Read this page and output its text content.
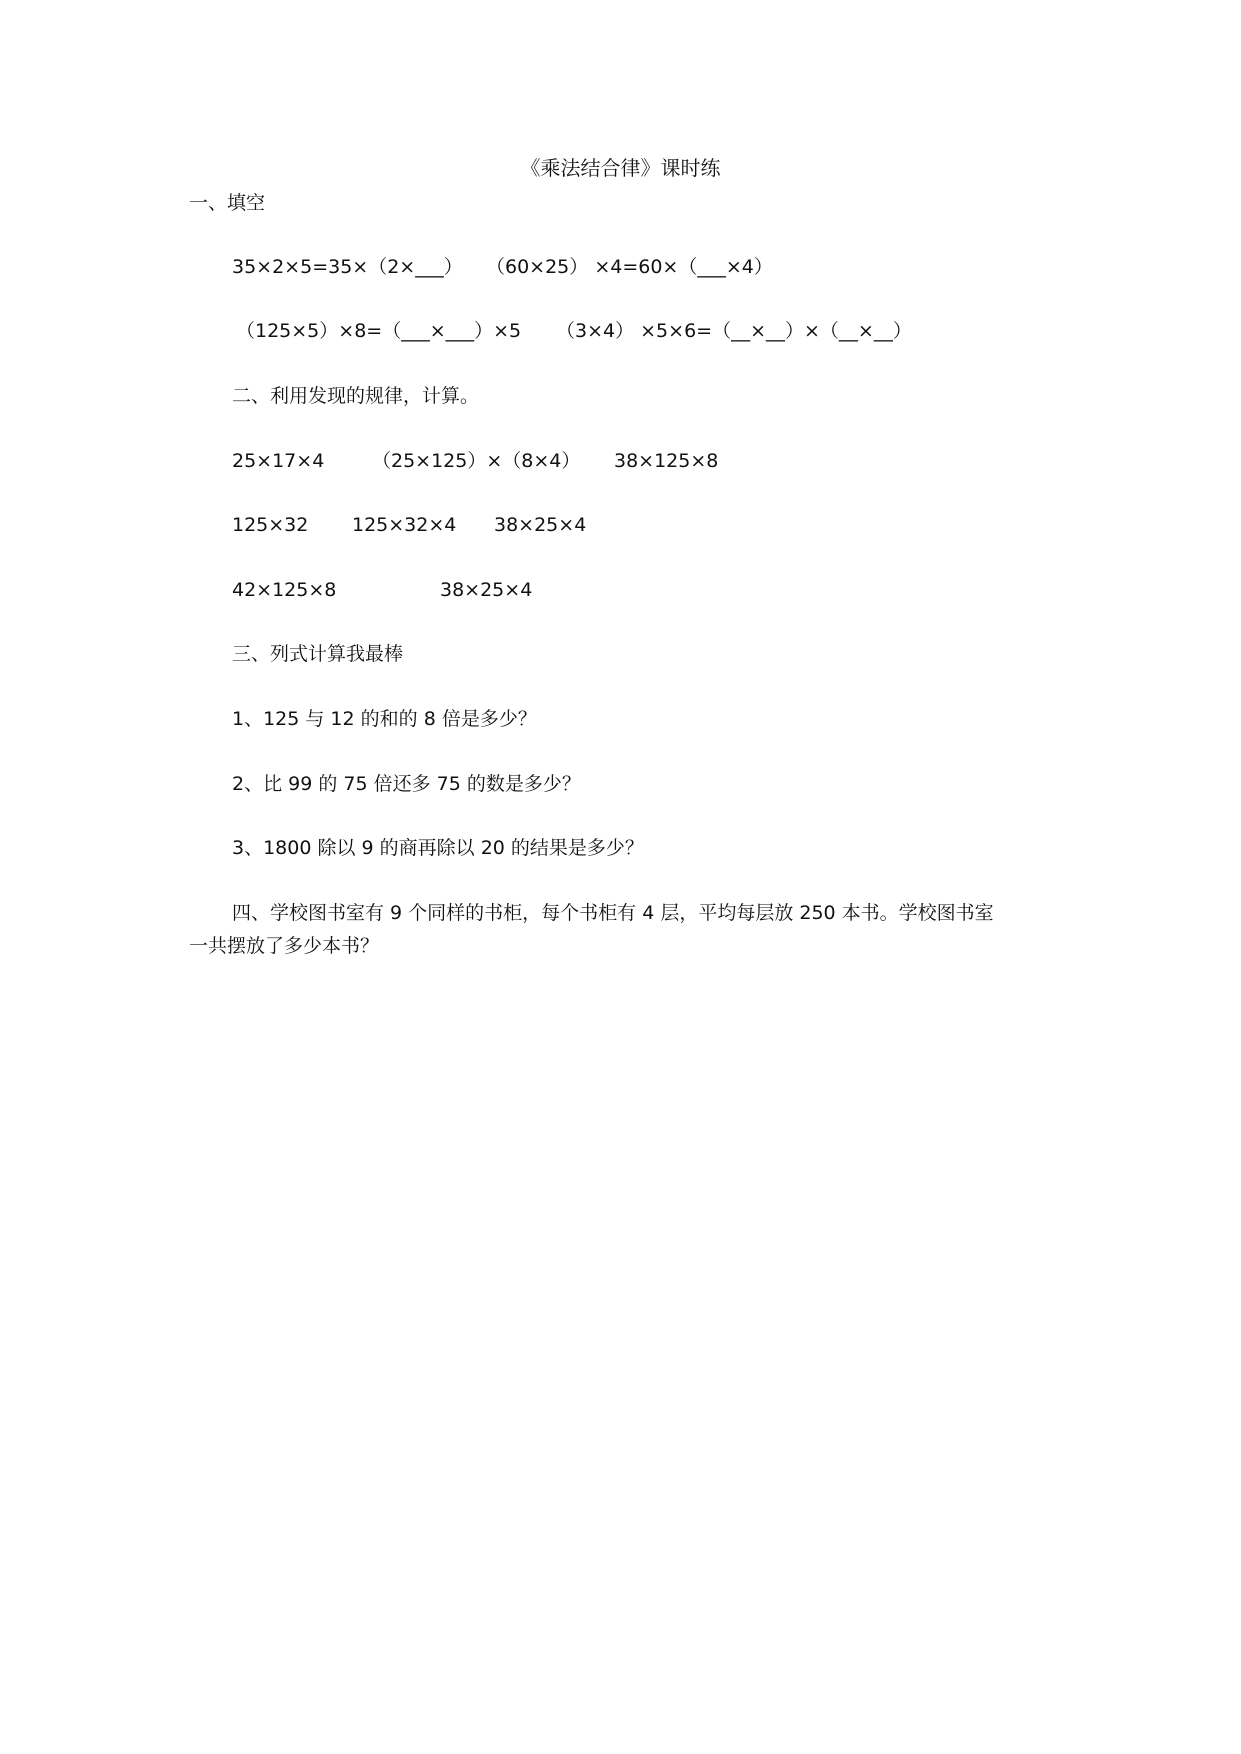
《乘法结合律》课时练
一、填空
35×2×5=35×（2×___） （60×25） ×4=60×（___×4）
（125×5）×8=（___×___）×5 （3×4） ×5×6=（__×__）×（__×__）
二、利用发现的规律，计算。
25×17×4	（25×125）×（8×4） 38×125×8
125×32 125×32×4 38×25×4
42×125×8	38×25×4
三、列式计算我最棒
1、125 与 12 的和的 8 倍是多少？
2、比 99 的 75 倍还多 75 的数是多少？
3、1800 除以 9 的商再除以 20 的结果是多少？
四、学校图书室有 9 个同样的书柜，每个书柜有 4 层，平均每层放 250 本书。学校图书室
一共摆放了多少本书？
